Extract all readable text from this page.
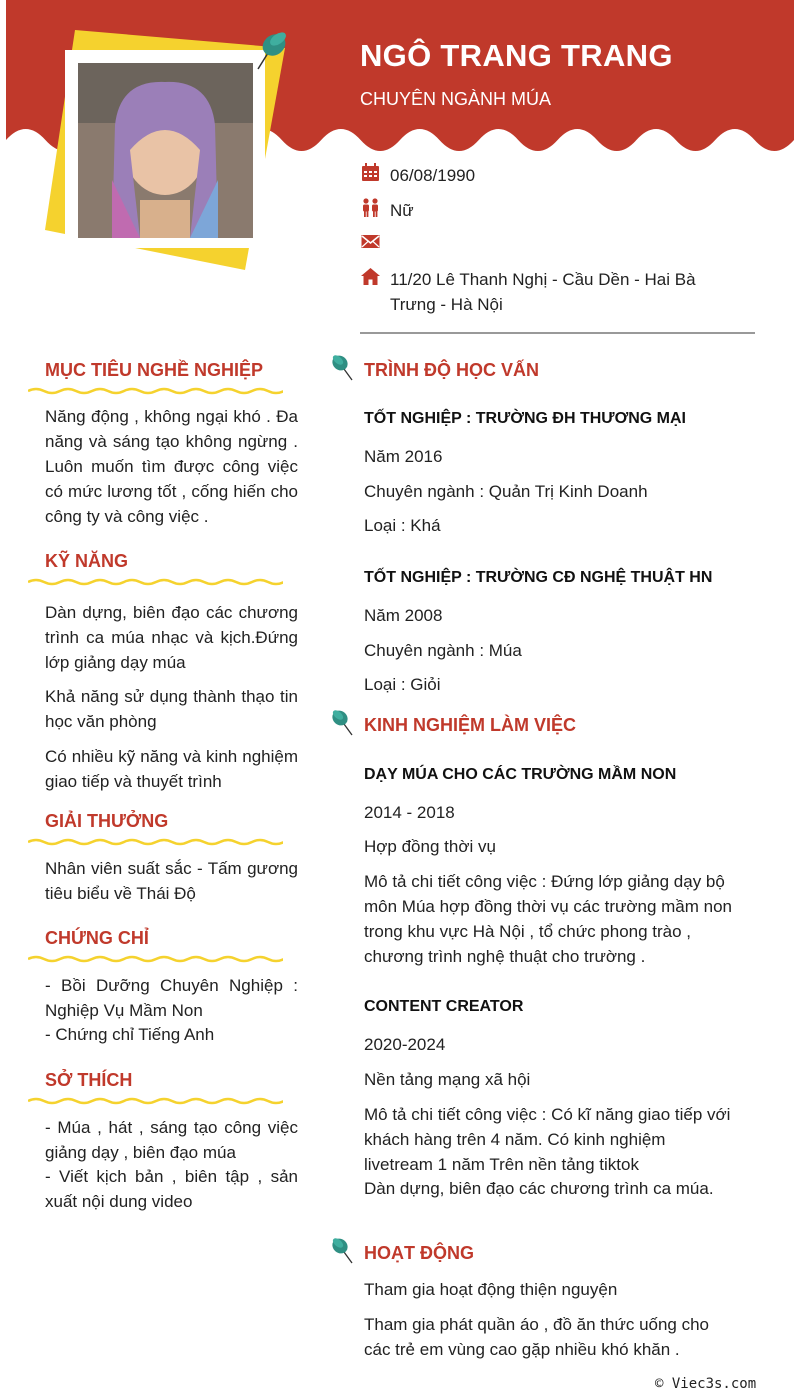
NGÔ TRANG TRANG
CHUYÊN NGÀNH MÚA
06/08/1990
Nữ
11/20 Lê Thanh Nghị - Cầu Dền - Hai Bà Trưng - Hà Nội
MỤC TIÊU NGHỀ NGHIỆP
Năng động , không ngại khó . Đa năng và sáng tạo không ngừng . Luôn muốn tìm được công việc có mức lương tốt , cống hiến cho công ty và công việc .
KỸ NĂNG
Dàn dựng, biên đạo các chương trình ca múa nhạc và kịch.Đứng lớp giảng dạy múa
Khả năng sử dụng thành thạo tin học văn phòng
Có nhiều kỹ năng và kinh nghiệm giao tiếp và thuyết trình
GIẢI THƯỞNG
Nhân viên suất sắc - Tấm gương tiêu biểu về Thái Độ
CHỨNG CHỈ
- Bồi Dưỡng Chuyên Nghiệp : Nghiệp Vụ Mầm Non
- Chứng chỉ Tiếng Anh
SỞ THÍCH
- Múa , hát , sáng tạo công việc giảng dạy , biên đạo múa
- Viết kịch bản , biên tập , sản xuất nội dung video
TRÌNH ĐỘ HỌC VẤN
TỐT NGHIỆP : TRƯỜNG ĐH THƯƠNG MẠI
Năm 2016
Chuyên ngành : Quản Trị Kinh Doanh
Loại : Khá
TỐT NGHIỆP : TRƯỜNG CĐ NGHỆ THUẬT HN
Năm 2008
Chuyên ngành : Múa
Loại : Giỏi
KINH NGHIỆM LÀM VIỆC
DẠY MÚA CHO CÁC TRƯỜNG MẦM NON
2014 - 2018
Hợp đồng thời vụ
Mô tả chi tiết công việc : Đứng lớp giảng dạy bộ môn Múa hợp đồng thời vụ các trường mầm non trong khu vực Hà Nội , tổ chức phong trào , chương trình nghệ thuật cho trường .
CONTENT CREATOR
2020-2024
Nền tảng mạng xã hội
Mô tả chi tiết công việc : Có kĩ năng giao tiếp với khách hàng trên 4 năm. Có kinh nghiệm livetream 1 năm Trên nền tảng tiktok
Dàn dựng, biên đạo các chương trình ca múa.
HOẠT ĐỘNG
Tham gia hoạt động thiện nguyện
Tham gia phát quần áo , đồ ăn thức uống cho các trẻ em vùng cao gặp nhiều khó khăn .
© Viec3s.com
